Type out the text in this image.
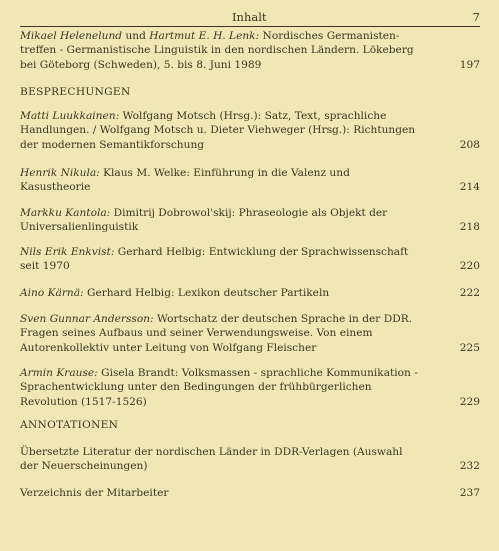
Inhalt	7
Mikael Helenelund und Hartmut E. H. Lenk: Nordisches Germanisten-treffen - Germanistische Linguistik in den nordischen Ländern. Lökeberg bei Göteborg (Schweden), 5. bis 8. Juni 1989	197
BESPRECHUNGEN
Matti Luukkainen: Wolfgang Motsch (Hrsg.): Satz, Text, sprachliche Handlungen. / Wolfgang Motsch u. Dieter Viehweger (Hrsg.): Richtungen der modernen Semantikforschung	208
Henrik Nikula: Klaus M. Welke: Einführung in die Valenz und Kasustheorie	214
Markku Kantola: Dimitrij Dobrowol'skij: Phraseologie als Objekt der Universalienlinguistik	218
Nils Erik Enkvist: Gerhard Helbig: Entwicklung der Sprachwissenschaft seit 1970	220
Aino Kärnä: Gerhard Helbig: Lexikon deutscher Partikeln	222
Sven Gunnar Andersson: Wortschatz der deutschen Sprache in der DDR. Fragen seines Aufbaus und seiner Verwendungsweise. Von einem Autorenkollektiv unter Leitung von Wolfgang Fleischer	225
Armin Krause: Gisela Brandt: Volksmassen - sprachliche Kommunikation - Sprachentwicklung unter den Bedingungen der frühbürgerlichen Revolution (1517-1526)	229
ANNOTATIONEN
Übersetzte Literatur der nordischen Länder in DDR-Verlagen (Auswahl der Neuerscheinungen)	232
Verzeichnis der Mitarbeiter	237
